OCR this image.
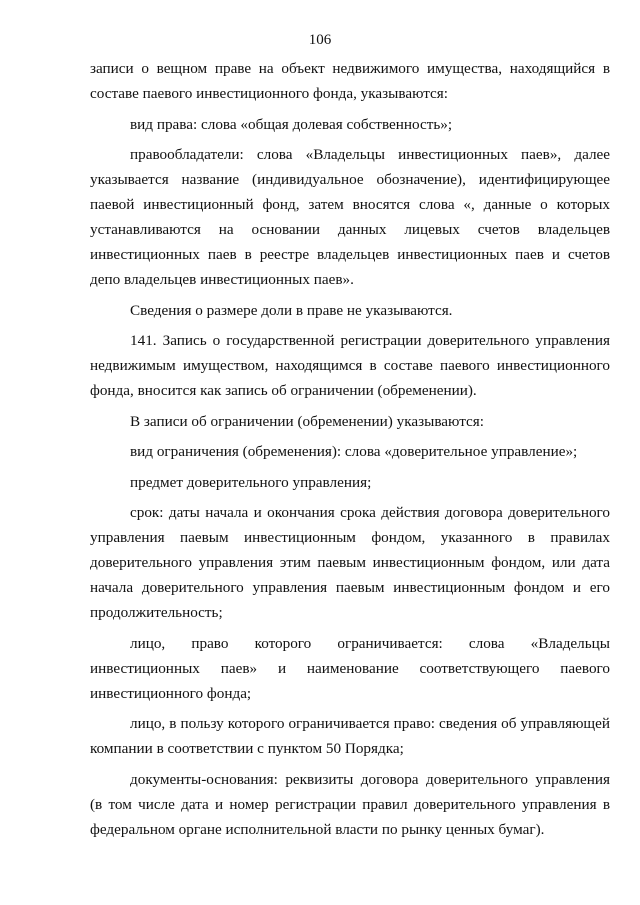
106

записи о вещном праве на объект недвижимого имущества, находящийся в составе паевого инвестиционного фонда, указываются:

вид права: слова «общая долевая собственность»;

правообладатели: слова «Владельцы инвестиционных паев», далее указывается название (индивидуальное обозначение), идентифицирующее паевой инвестиционный фонд, затем вносятся слова «, данные о которых устанавливаются на основании данных лицевых счетов владельцев инвестиционных паев в реестре владельцев инвестиционных паев и счетов депо владельцев инвестиционных паев».

Сведения о размере доли в праве не указываются.

141. Запись о государственной регистрации доверительного управления недвижимым имуществом, находящимся в составе паевого инвестиционного фонда, вносится как запись об ограничении (обременении).

В записи об ограничении (обременении) указываются:

вид ограничения (обременения): слова «доверительное управление»;

предмет доверительного управления;

срок: даты начала и окончания срока действия договора доверительного управления паевым инвестиционным фондом, указанного в правилах доверительного управления этим паевым инвестиционным фондом, или дата начала доверительного управления паевым инвестиционным фондом и его продолжительность;

лицо, право которого ограничивается: слова «Владельцы инвестиционных паев» и наименование соответствующего паевого инвестиционного фонда;

лицо, в пользу которого ограничивается право: сведения об управляющей компании в соответствии с пунктом 50 Порядка;

документы-основания: реквизиты договора доверительного управления (в том числе дата и номер регистрации правил доверительного управления в федеральном органе исполнительной власти по рынку ценных бумаг).
